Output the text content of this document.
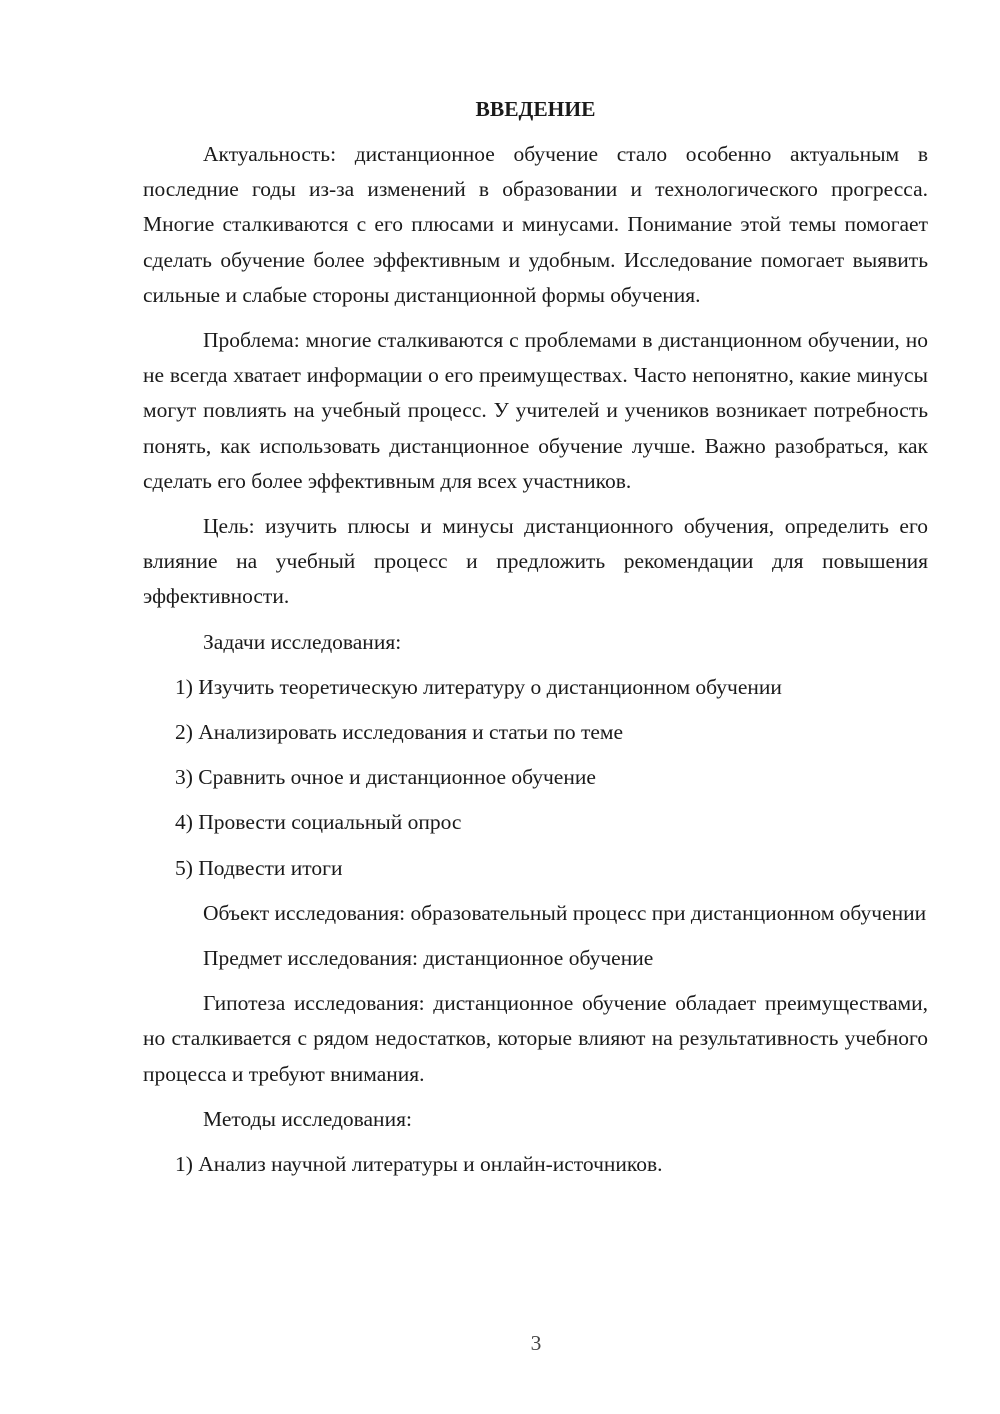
ВВЕДЕНИЕ

Актуальность: дистанционное обучение стало особенно актуальным в последние годы из-за изменений в образовании и технологического прогресса. Многие сталкиваются с его плюсами и минусами. Понимание этой темы помогает сделать обучение более эффективным и удобным. Исследование помогает выявить сильные и слабые стороны дистанционной формы обучения.

Проблема: многие сталкиваются с проблемами в дистанционном обучении, но не всегда хватает информации о его преимуществах. Часто непонятно, какие минусы могут повлиять на учебный процесс. У учителей и учеников возникает потребность понять, как использовать дистанционное обучение лучше. Важно разобраться, как сделать его более эффективным для всех участников.

Цель: изучить плюсы и минусы дистанционного обучения, определить его влияние на учебный процесс и предложить рекомендации для повышения эффективности.

Задачи исследования:

1) Изучить теоретическую литературу о дистанционном обучении
2) Анализировать исследования и статьи по теме
3) Сравнить очное и дистанционное обучение
4) Провести социальный опрос
5) Подвести итоги

Объект исследования: образовательный процесс при дистанционном обучении

Предмет исследования: дистанционное обучение

Гипотеза исследования: дистанционное обучение обладает преимуществами, но сталкивается с рядом недостатков, которые влияют на результативность учебного процесса и требуют внимания.

Методы исследования:

1) Анализ научной литературы и онлайн-источников.
3
